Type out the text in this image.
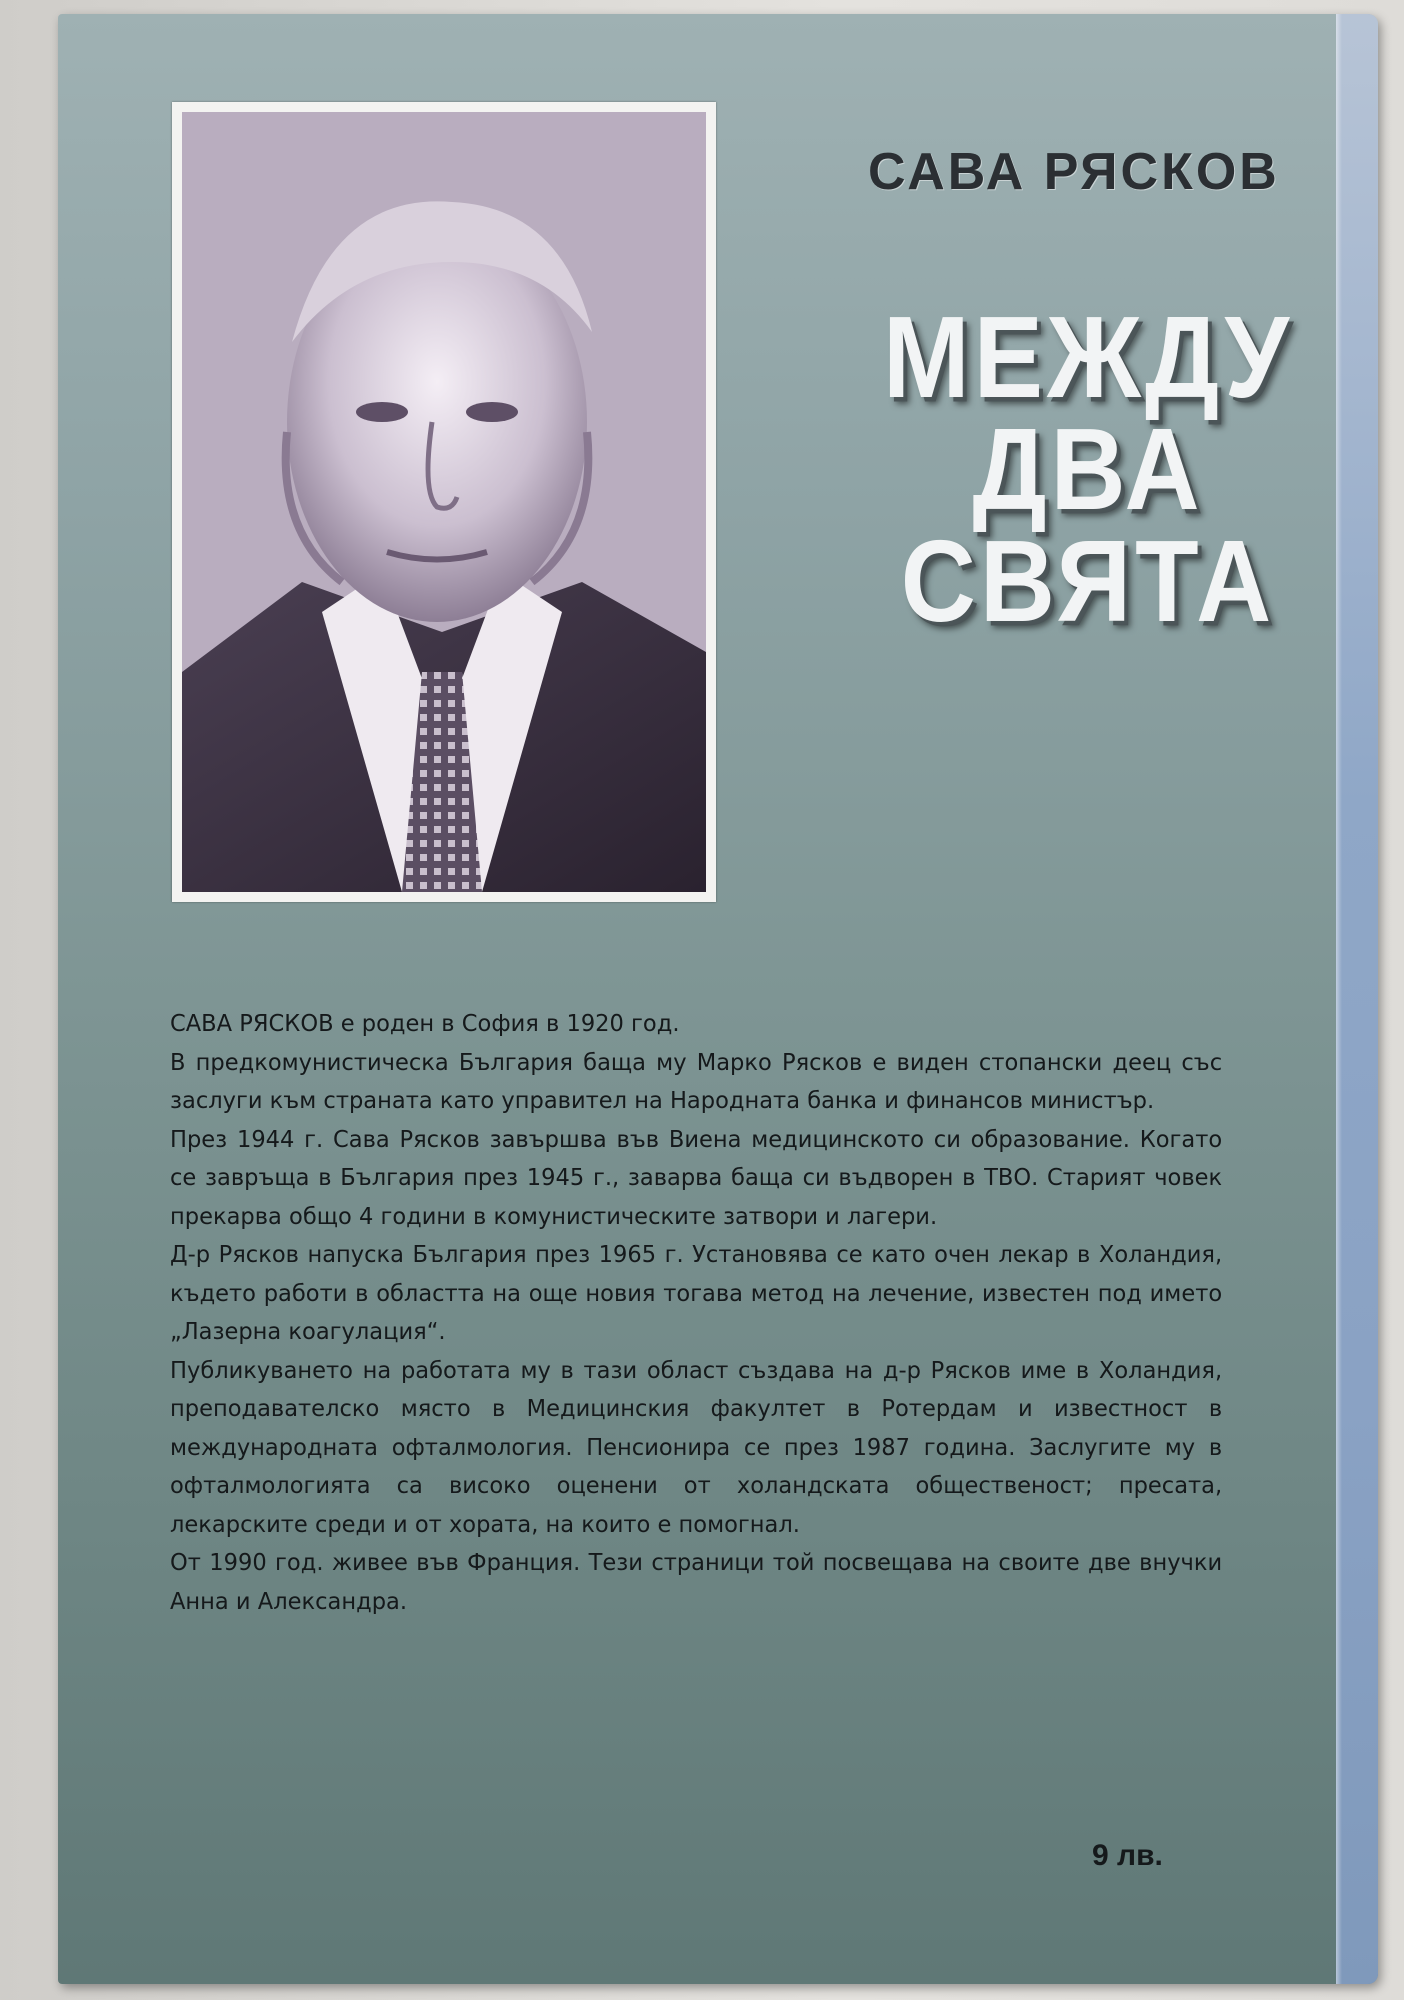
САВА РЯСКОВ
МЕЖДУ
ДВА
СВЯТА

САВА РЯСКОВ е роден в София в 1920 год.

В предкомунистическа България баща му Марко Рясков е виден стопански деец със заслуги към страната като управител на Народната банка и финансов министър.

През 1944 г. Сава Рясков завършва във Виена медицинското си образование. Когато се завръща в България през 1945 г., заварва баща си въдворен в ТВО. Старият човек прекарва общо 4 години в комунистическите затвори и лагери.

Д-р Рясков напуска България през 1965 г. Установява се като очен лекар в Холандия, където работи в областта на още новия тогава метод на лечение, известен под името „Лазерна коагулация“.

Публикуването на работата му в тази област създава на д-р Рясков име в Холандия, преподавателско място в Медицинския факултет в Ротердам и известност в международната офталмология. Пенсионира се през 1987 година. Заслугите му в офталмологията са високо оценени от холандската общественост; пресата, лекарските среди и от хората, на които е помогнал.

От 1990 год. живее във Франция. Тези страници той посвещава на своите две внучки Анна и Александра.

9 лв.
